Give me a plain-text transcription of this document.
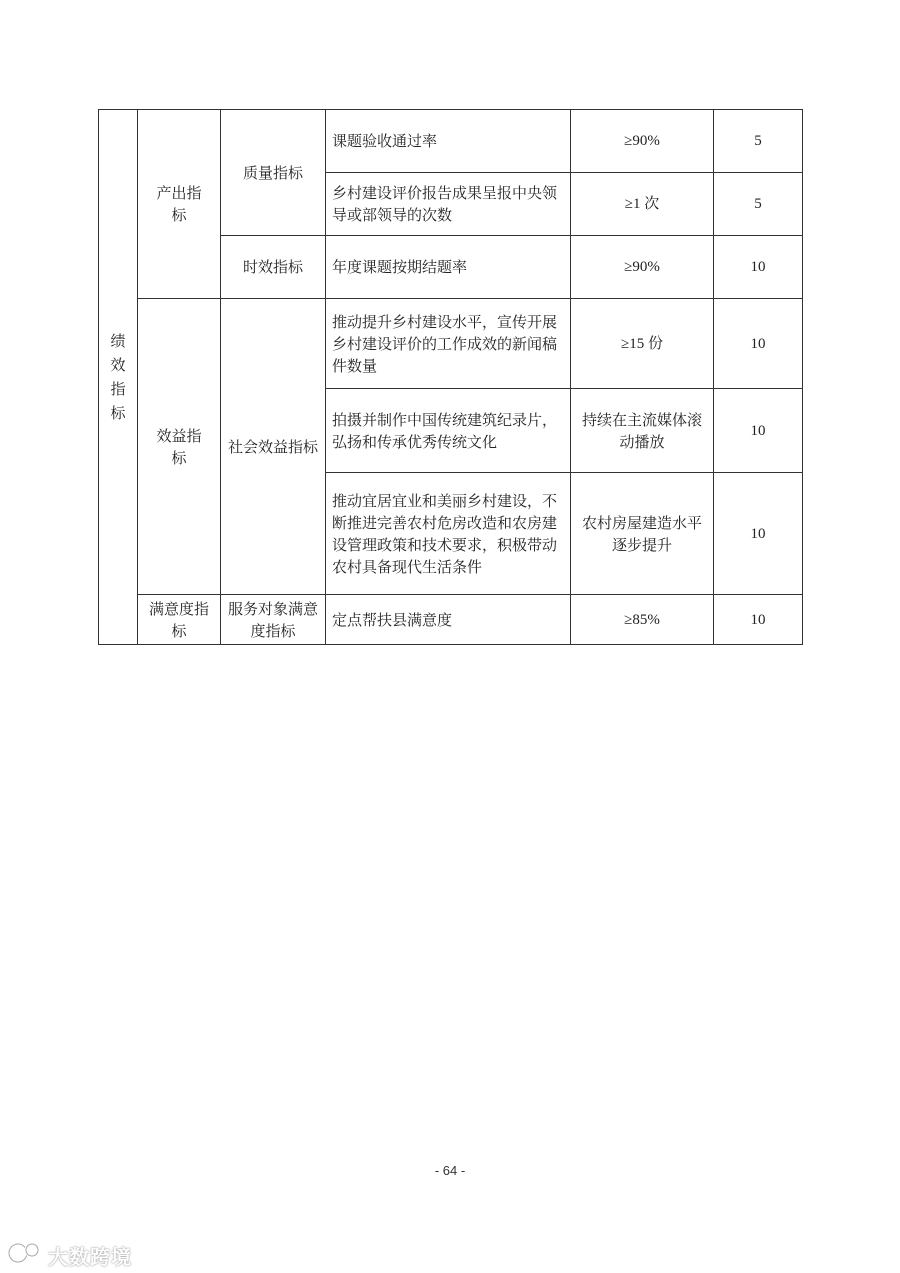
绩效指标	产出指标	质量指标	课题验收通过率	≥90%	5
			乡村建设评价报告成果呈报中央领导或部领导的次数	≥1 次	5
		时效指标	年度课题按期结题率	≥90%	10
	效益指标	社会效益指标	推动提升乡村建设水平，宣传开展乡村建设评价的工作成效的新闻稿件数量	≥15 份	10
			拍摄并制作中国传统建筑纪录片，弘扬和传承优秀传统文化	持续在主流媒体滚动播放	10
			推动宜居宜业和美丽乡村建设，不断推进完善农村危房改造和农房建设管理政策和技术要求，积极带动农村具备现代生活条件	农村房屋建造水平逐步提升	10
	满意度指标	服务对象满意度指标	定点帮扶县满意度	≥85%	10
- 64 -
大数跨境
